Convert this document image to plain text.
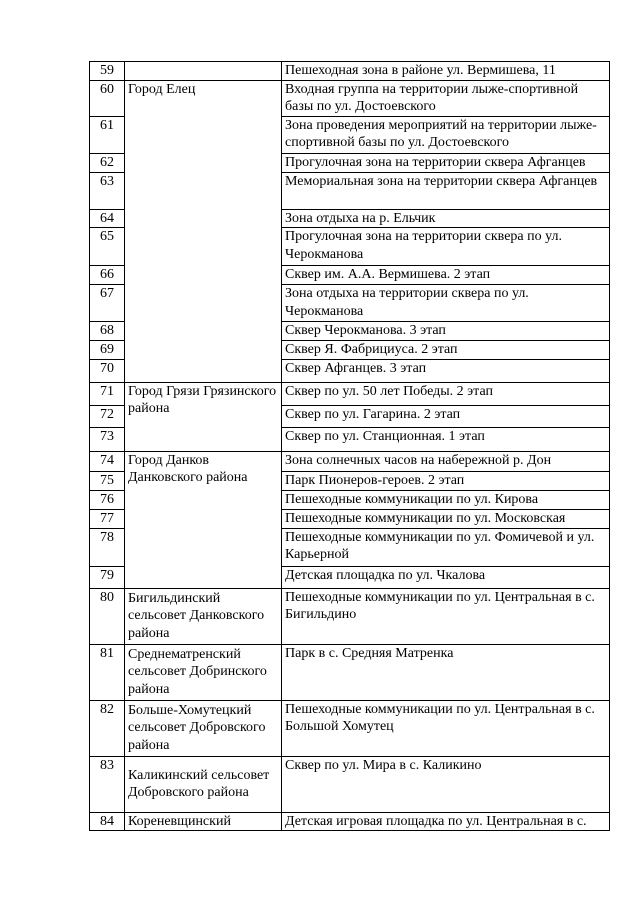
59		Пешеходная зона в районе ул. Вермишева, 11
60	Город Елец	Входная группа на территории лыже-спортивной базы по ул. Достоевского
61		Зона проведения мероприятий на территории лыже-спортивной базы по ул. Достоевского
62		Прогулочная зона на территории сквера Афганцев
63		Мемориальная зона на территории сквера Афганцев
64		Зона отдыха на р. Ельчик
65		Прогулочная зона на территории сквера по ул. Черокманова
66		Сквер им. А.А. Вермишева. 2 этап
67		Зона отдыха на территории сквера по ул. Черокманова
68		Сквер Черокманова. 3 этап
69		Сквер Я. Фабрициуса. 2 этап
70		Сквер Афганцев. 3 этап
71	Город Грязи Грязинского района	Сквер по ул. 50 лет Победы. 2 этап
72		Сквер по ул. Гагарина. 2 этап
73		Сквер по ул. Станционная. 1 этап
74	Город Данков Данковского района	Зона солнечных часов на набережной р. Дон
75		Парк Пионеров-героев. 2 этап
76		Пешеходные коммуникации по ул. Кирова
77		Пешеходные коммуникации по ул. Московская
78		Пешеходные коммуникации по ул. Фомичевой и ул. Карьерной
79		Детская площадка по ул. Чкалова
80	Бигильдинский сельсовет Данковского района	Пешеходные коммуникации по ул. Центральная в с. Бигильдино
81	Среднематренский сельсовет Добринского района	Парк в с. Средняя Матренка
82	Больше-Хомутецкий сельсовет Добровского района	Пешеходные коммуникации по ул. Центральная в с. Большой Хомутец
83	Каликинский сельсовет Добровского района	Сквер по ул. Мира в с. Каликино
84	Кореневщинский	Детская игровая площадка по ул. Центральная в с.
